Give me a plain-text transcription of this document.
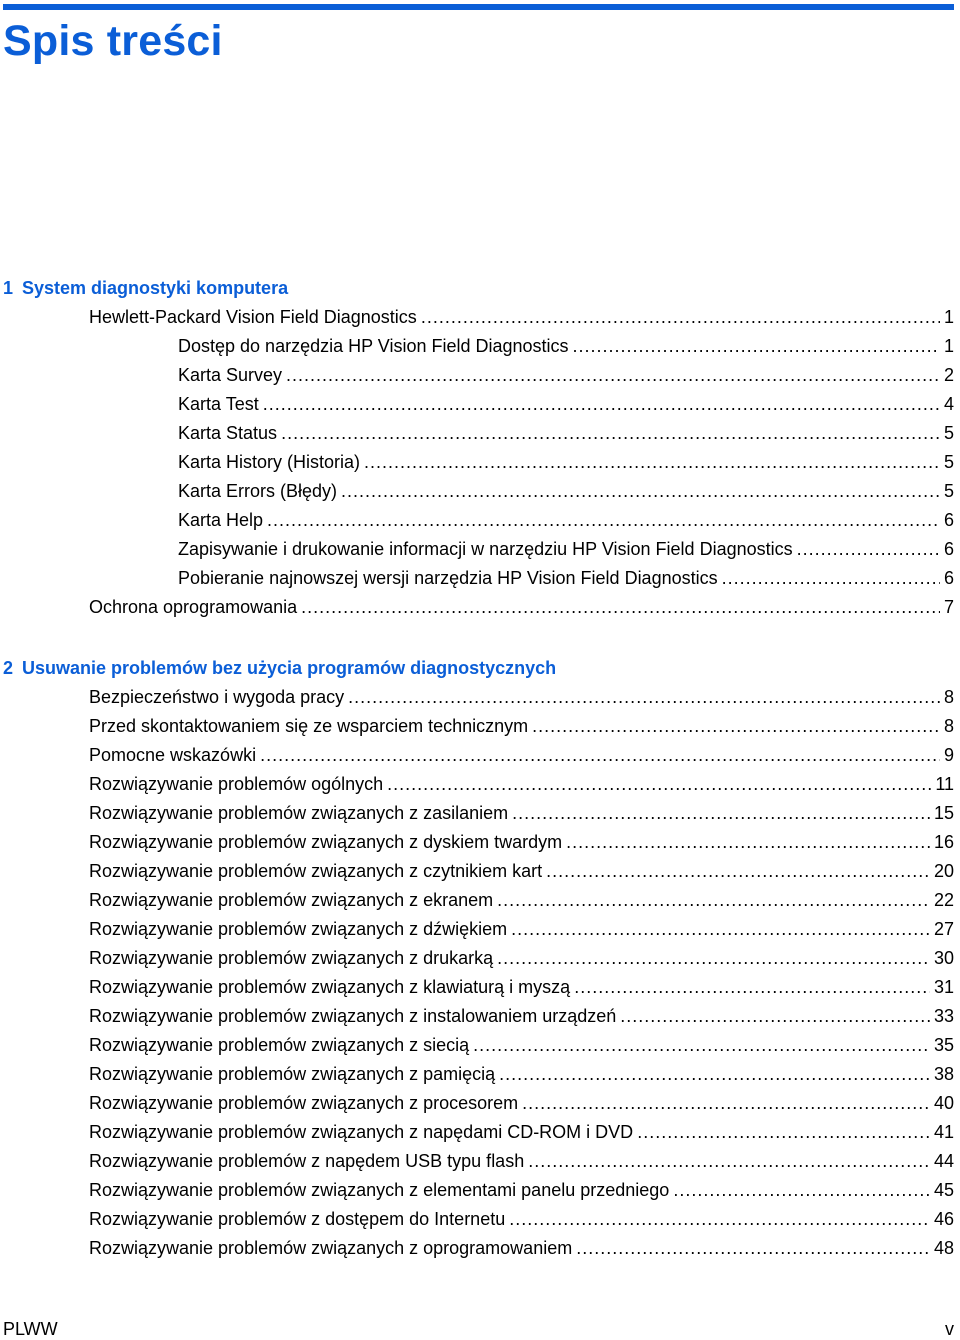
Spis treści
1 System diagnostyki komputera
Hewlett-Packard Vision Field Diagnostics .....	1
Dostęp do narzędzia HP Vision Field Diagnostics .....	1
Karta Survey .....	2
Karta Test .....	4
Karta Status .....	5
Karta History (Historia) .....	5
Karta Errors (Błędy) .....	5
Karta Help .....	6
Zapisywanie i drukowanie informacji w narzędziu HP Vision Field Diagnostics .....	6
Pobieranie najnowszej wersji narzędzia HP Vision Field Diagnostics .....	6
Ochrona oprogramowania .....	7
2 Usuwanie problemów bez użycia programów diagnostycznych
Bezpieczeństwo i wygoda pracy .....	8
Przed skontaktowaniem się ze wsparciem technicznym .....	8
Pomocne wskazówki .....	9
Rozwiązywanie problemów ogólnych .....	11
Rozwiązywanie problemów związanych z zasilaniem .....	15
Rozwiązywanie problemów związanych z dyskiem twardym .....	16
Rozwiązywanie problemów związanych z czytnikiem kart .....	20
Rozwiązywanie problemów związanych z ekranem .....	22
Rozwiązywanie problemów związanych z dźwiękiem .....	27
Rozwiązywanie problemów związanych z drukarką .....	30
Rozwiązywanie problemów związanych z klawiaturą i myszą .....	31
Rozwiązywanie problemów związanych z instalowaniem urządzeń .....	33
Rozwiązywanie problemów związanych z siecią .....	35
Rozwiązywanie problemów związanych z pamięcią .....	38
Rozwiązywanie problemów związanych z procesorem .....	40
Rozwiązywanie problemów związanych z napędami CD-ROM i DVD .....	41
Rozwiązywanie problemów z napędem USB typu flash .....	44
Rozwiązywanie problemów związanych z elementami panelu przedniego .....	45
Rozwiązywanie problemów z dostępem do Internetu .....	46
Rozwiązywanie problemów związanych z oprogramowaniem .....	48
PLWW	v
